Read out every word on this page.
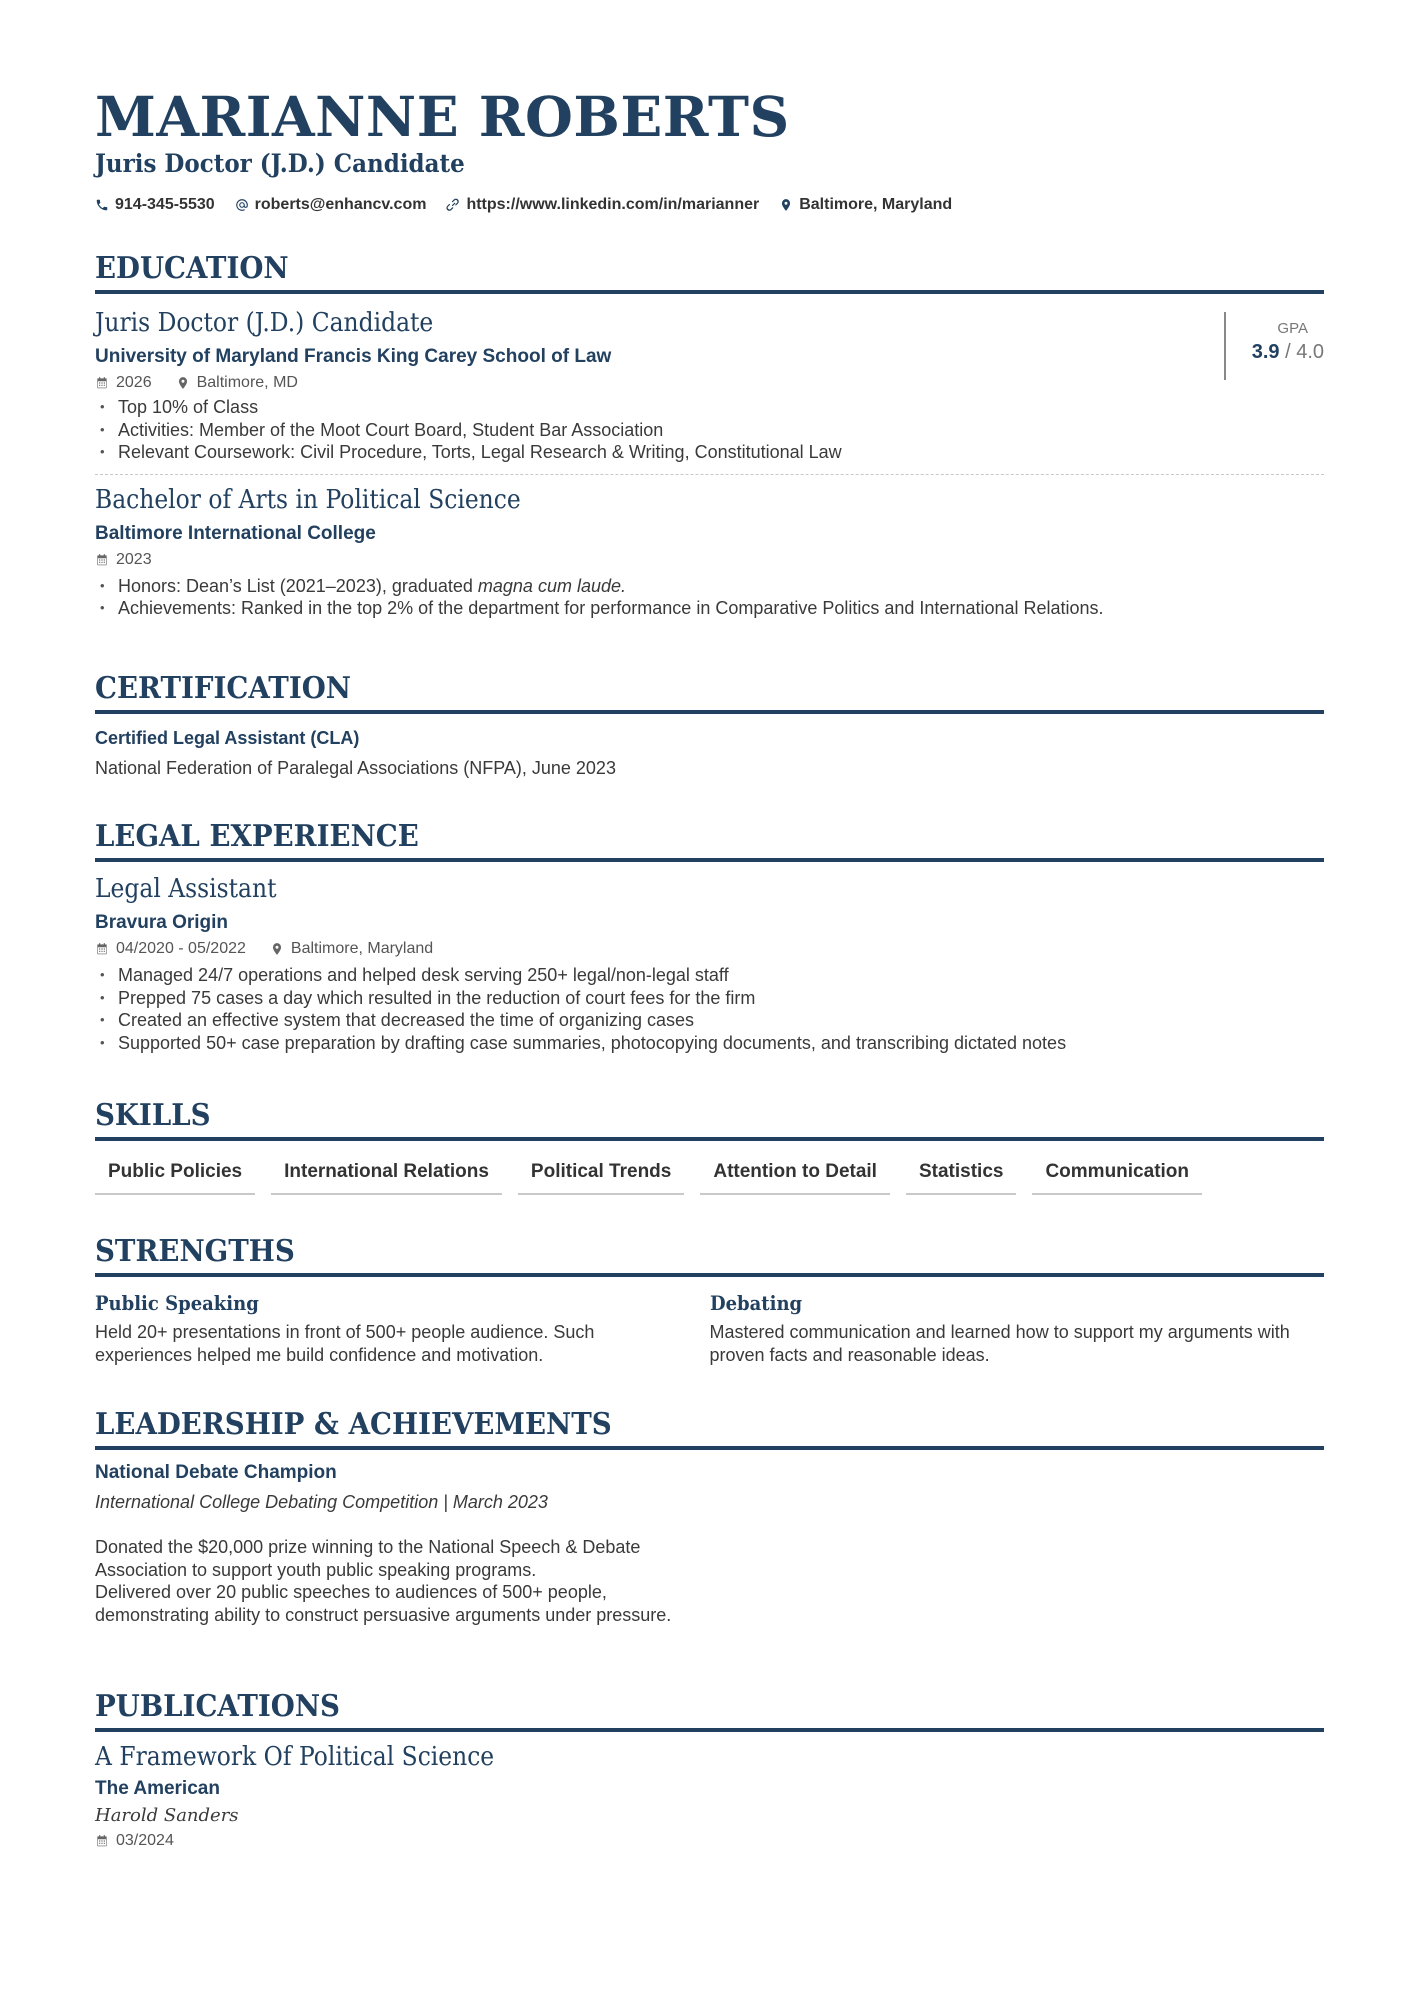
MARIANNE ROBERTS
Juris Doctor (J.D.) Candidate
914-345-5530	roberts@enhancv.com	https://www.linkedin.com/in/marianner	Baltimore, Maryland
EDUCATION
Juris Doctor (J.D.) Candidate
University of Maryland Francis King Carey School of Law
2026	Baltimore, MD
• Top 10% of Class
• Activities: Member of the Moot Court Board, Student Bar Association
• Relevant Coursework: Civil Procedure, Torts, Legal Research & Writing, Constitutional Law
GPA
3.9 / 4.0
Bachelor of Arts in Political Science
Baltimore International College
2023
• Honors: Dean’s List (2021–2023), graduated magna cum laude.
• Achievements: Ranked in the top 2% of the department for performance in Comparative Politics and International Relations.
CERTIFICATION
Certified Legal Assistant (CLA)
National Federation of Paralegal Associations (NFPA), June 2023
LEGAL EXPERIENCE
Legal Assistant
Bravura Origin
04/2020 - 05/2022	Baltimore, Maryland
• Managed 24/7 operations and helped desk serving 250+ legal/non-legal staff
• Prepped 75 cases a day which resulted in the reduction of court fees for the firm
• Created an effective system that decreased the time of organizing cases
• Supported 50+ case preparation by drafting case summaries, photocopying documents, and transcribing dictated notes
SKILLS
Public Policies	International Relations	Political Trends	Attention to Detail	Statistics	Communication
STRENGTHS
Public Speaking
Held 20+ presentations in front of 500+ people audience. Such experiences helped me build confidence and motivation.
Debating
Mastered communication and learned how to support my arguments with proven facts and reasonable ideas.
LEADERSHIP & ACHIEVEMENTS
National Debate Champion
International College Debating Competition | March 2023
Donated the $20,000 prize winning to the National Speech & Debate Association to support youth public speaking programs.
Delivered over 20 public speeches to audiences of 500+ people, demonstrating ability to construct persuasive arguments under pressure.
PUBLICATIONS
A Framework Of Political Science
The American
Harold Sanders
03/2024
